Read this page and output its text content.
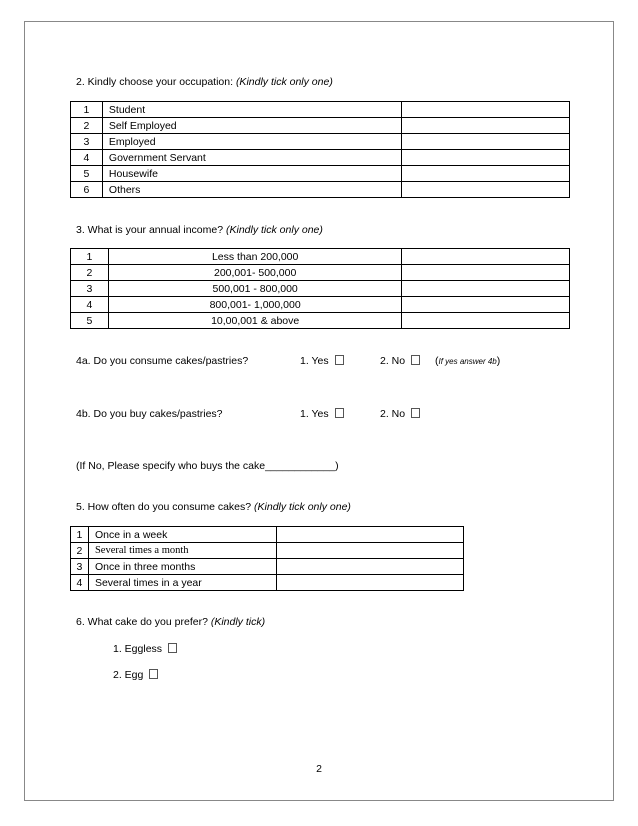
2. Kindly choose your occupation: (Kindly tick only one)
1	Student	
2	Self Employed	
3	Employed	
4	Government Servant	
5	Housewife	
6	Others	
3. What is your annual income? (Kindly tick only one)
1	Less than 200,000	
2	200,001- 500,000	
3	500,001 - 800,000	
4	800,001- 1,000,000	
5	10,00,001 & above	
4a. Do you consume cakes/pastries?	1. Yes	2. No	(If yes answer 4b)
4b. Do you buy cakes/pastries?	1. Yes	2. No
(If No, Please specify who buys the cake____________)
5. How often do you consume cakes? (Kindly tick only one)
1	Once in a week	
2	Several times a month	
3	Once in three months	
4	Several times in a year	
6. What cake do you prefer? (Kindly tick)
1. Eggless
2. Egg
2
